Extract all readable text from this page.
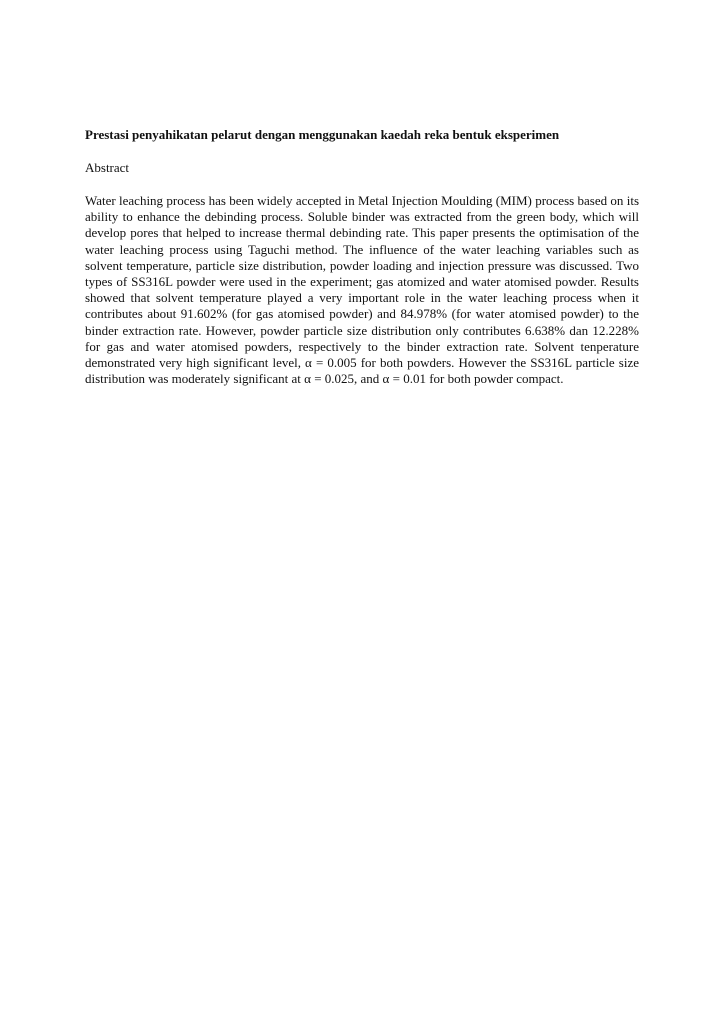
Prestasi penyahikatan pelarut dengan menggunakan kaedah reka bentuk eksperimen

Abstract

Water leaching process has been widely accepted in Metal Injection Moulding (MIM) process based on its ability to enhance the debinding process. Soluble binder was extracted from the green body, which will develop pores that helped to increase thermal debinding rate. This paper presents the optimisation of the water leaching process using Taguchi method. The influence of the water leaching variables such as solvent temperature, particle size distribution, powder loading and injection pressure was discussed. Two types of SS316L powder were used in the experiment; gas atomized and water atomised powder. Results showed that solvent temperature played a very important role in the water leaching process when it contributes about 91.602% (for gas atomised powder) and 84.978% (for water atomised powder) to the binder extraction rate. However, powder particle size distribution only contributes 6.638% dan 12.228% for gas and water atomised powders, respectively to the binder extraction rate. Solvent tenperature demonstrated very high significant level, α = 0.005 for both powders. However the SS316L particle size distribution was moderately significant at α = 0.025, and α = 0.01 for both powder compact.
